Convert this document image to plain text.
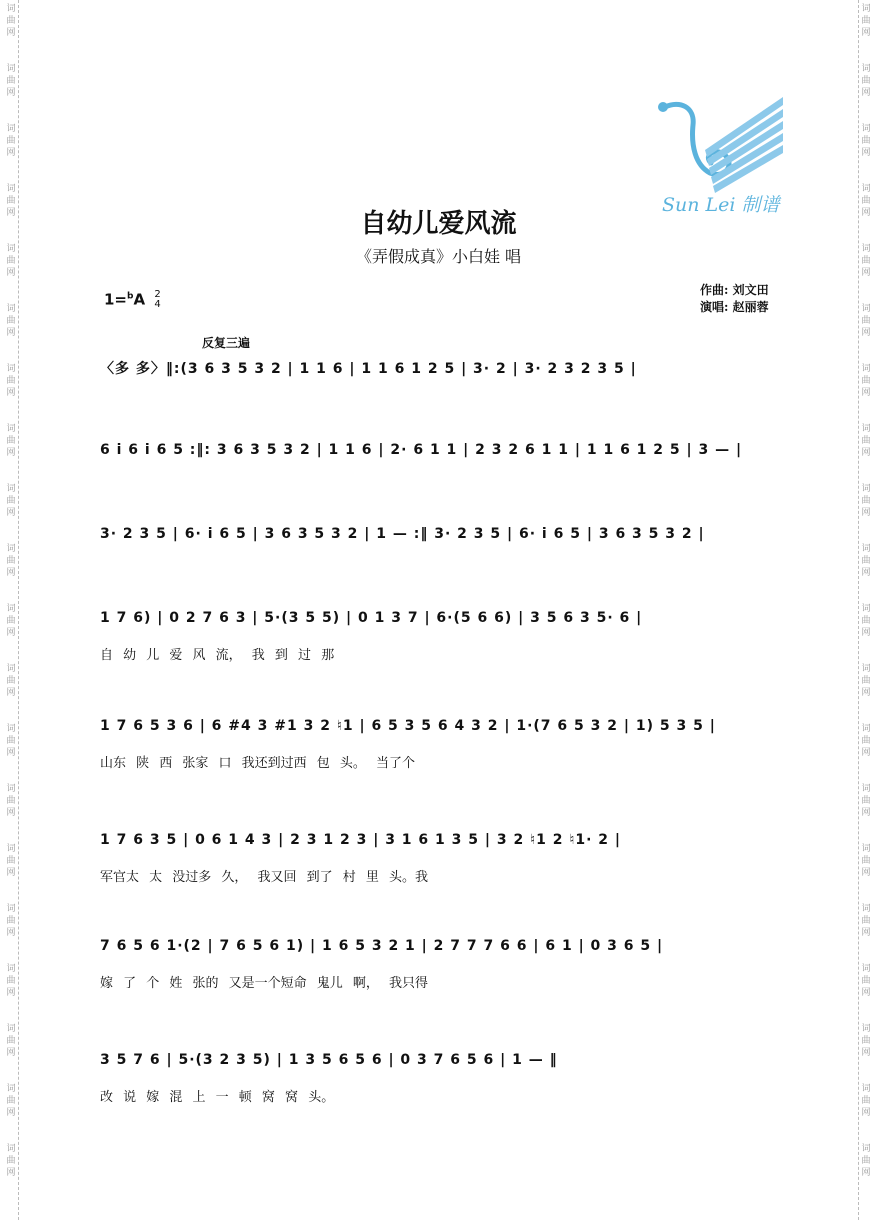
词
曲
网
词
曲
网
词
曲
网
词
曲
网
词
曲
网
词
曲
网
词
曲
网
词
曲
网
词
曲
网
词
曲
网
词
曲
网
词
曲
网
词
曲
网
词
曲
网
词
曲
网
词
曲
网
词
曲
网
词
曲
网
词
曲
网
词
曲
网
词
曲
网
词
曲
网
词
曲
网
词
曲
网
词
曲
网
词
曲
网
词
曲
网
词
曲
网
词
曲
网
词
曲
网
词
曲
网
词
曲
网
词
曲
网
词
曲
网
词
曲
网
词
曲
网
词
曲
网
词
曲
网
词
曲
网
词
曲
网
Sun Lei 制谱
自幼儿爱风流
《弄假成真》小白娃 唱
1=$^b$A 2
4
作曲: 刘文田
演唱: 赵丽蓉
反复三遍
〈多 多〉‖:(3 6 3 5 3 2 | 1 1 6 | 1 1 6 1 2 5 | 3· 2 | 3· 2 3 2 3 5 |
6 i 6 i 6 5 :‖: 3 6 3 5 3 2 | 1 1 6 | 2· 6 1 1 | 2 3 2 6 1 1 | 1 1 6 1 2 5 | 3 — |
3· 2 3 5 | 6· i 6 5 | 3 6 3 5 3 2 | 1 — :‖ 3· 2 3 5 | 6· i 6 5 | 3 6 3 5 3 2 |
1 7 6) | 0 2 7 6 3 | 5·(3 5 5) | 0 1 3 7 | 6·(5 6 6) | 3 5 6 3 5· 6 |
自 幼 儿 爱 风 流， 我 到 过 那
1 7 6 5 3 6 | 6 #4 3 #1 3 2 ♮1 | 6 5 3 5 6 4 3 2 | 1·(7 6 5 3 2 | 1) 5 3 5 |
山东 陕 西 张家 口 我还到过西 包 头。 当了个
1 7 6 3 5 | 0 6 1 4 3 | 2 3 1 2 3 | 3 1 6 1 3 5 | 3 2 ♮1 2 ♮1· 2 |
军官太 太 没过多 久， 我又回 到了 村 里 头。我
7 6 5 6 1·(2 | 7 6 5 6 1) | 1 6 5 3 2 1 | 2 7 7 7 6 6 | 6 1 | 0 3 6 5 |
嫁 了 个 姓 张的 又是一个短命 鬼儿 啊， 我只得
3 5 7 6 | 5·(3 2 3 5) | 1 3 5 6 5 6 | 0 3 7 6 5 6 | 1 — ‖
改 说 嫁 混 上 一 顿 窝 窝 头。
